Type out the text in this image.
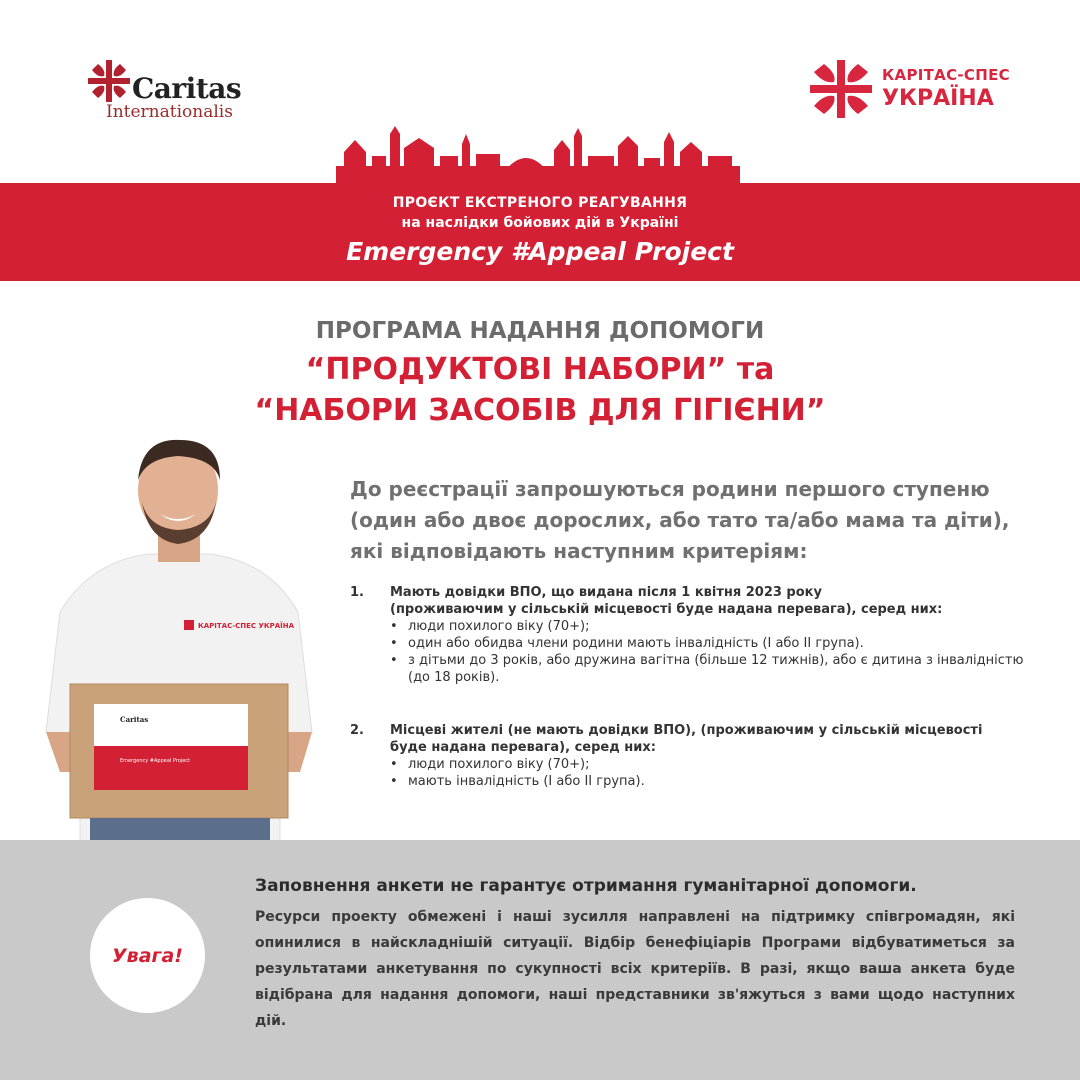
Caritas
Internationalis
КАРІТАС-СПЕС
УКРАЇНА
ПРОЄКТ ЕКСТРЕНОГО РЕАГУВАННЯ
на наслідки бойових дій в Україні
Emergency #Appeal Project
ПРОГРАМА НАДАННЯ ДОПОМОГИ
“ПРОДУКТОВІ НАБОРИ” та
“НАБОРИ ЗАСОБІВ ДЛЯ ГІГІЄНИ”
КАРІТАС-СПЕС УКРАЇНА
Caritas
Emergency #Appeal Project
До реєстрації запрошуються родини першого ступеню
(один або двоє дорослих, або тато та/або мама та діти),
які відповідають наступним критеріям:
1. Мають довідки ВПО, що видана після 1 квітня 2023 року
(проживаючим у сільській місцевості буде надана перевага), серед них:
• люди похилого віку (70+);
• один або обидва члени родини мають інвалідність (І або ІІ група).
• з дітьми до 3 років, або дружина вагітна (більше 12 тижнів), або є дитина з інвалідністю (до 18 років).
2. Місцеві жителі (не мають довідки ВПО), (проживаючим у сільській місцевості
буде надана перевага), серед них:
• люди похилого віку (70+);
• мають інвалідність (І або ІІ група).
Увага!
Заповнення анкети не гарантує отримання гуманітарної допомоги.
Ресурси проекту обмежені і наші зусилля направлені на підтримку співгромадян, які опинилися в найскладнішій ситуації. Відбір бенефіціарів Програми відбуватиметься за результатами анкетування по сукупності всіх критеріїв. В разі, якщо ваша анкета буде відібрана для надання допомоги, наші представники зв'яжуться з вами щодо наступних дій.
